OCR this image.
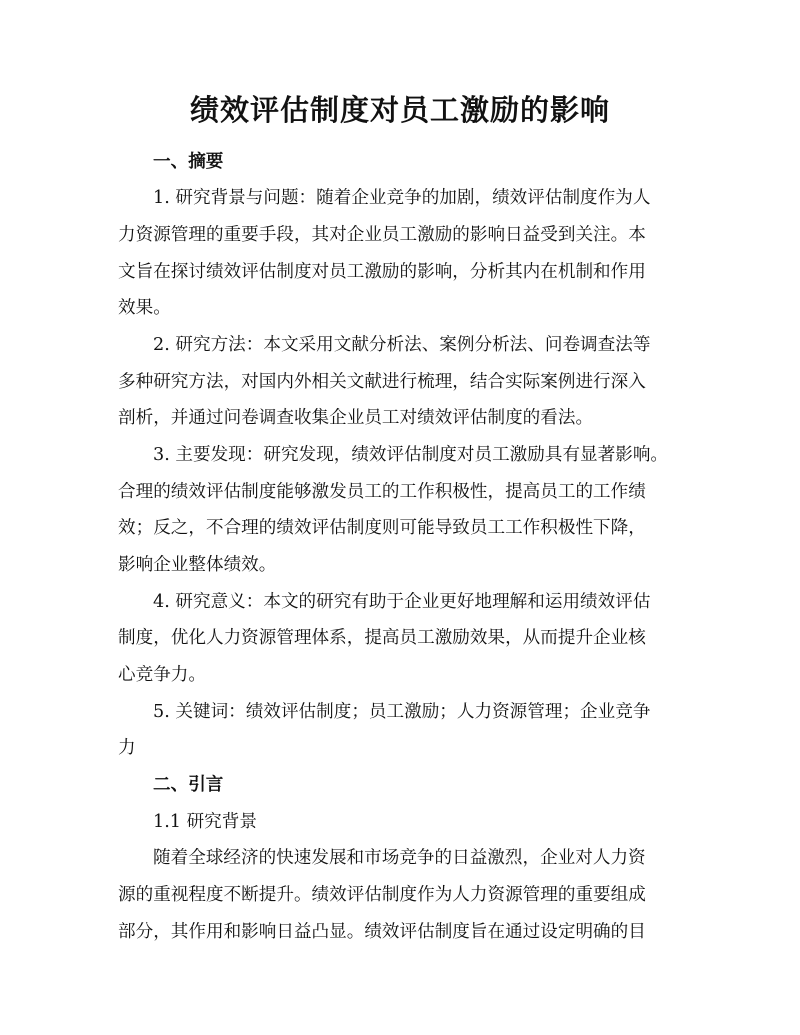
绩效评估制度对员工激励的影响
一、摘要
1. 研究背景与问题：随着企业竞争的加剧，绩效评估制度作为人
力资源管理的重要手段，其对企业员工激励的影响日益受到关注。本
文旨在探讨绩效评估制度对员工激励的影响，分析其内在机制和作用
效果。
2. 研究方法：本文采用文献分析法、案例分析法、问卷调查法等
多种研究方法，对国内外相关文献进行梳理，结合实际案例进行深入
剖析，并通过问卷调查收集企业员工对绩效评估制度的看法。
3. 主要发现：研究发现，绩效评估制度对员工激励具有显著影响。
合理的绩效评估制度能够激发员工的工作积极性，提高员工的工作绩
效；反之，不合理的绩效评估制度则可能导致员工工作积极性下降，
影响企业整体绩效。
4. 研究意义：本文的研究有助于企业更好地理解和运用绩效评估
制度，优化人力资源管理体系，提高员工激励效果，从而提升企业核
心竞争力。
5. 关键词：绩效评估制度；员工激励；人力资源管理；企业竞争
力
二、引言
1.1 研究背景
随着全球经济的快速发展和市场竞争的日益激烈，企业对人力资
源的重视程度不断提升。绩效评估制度作为人力资源管理的重要组成
部分，其作用和影响日益凸显。绩效评估制度旨在通过设定明确的目
